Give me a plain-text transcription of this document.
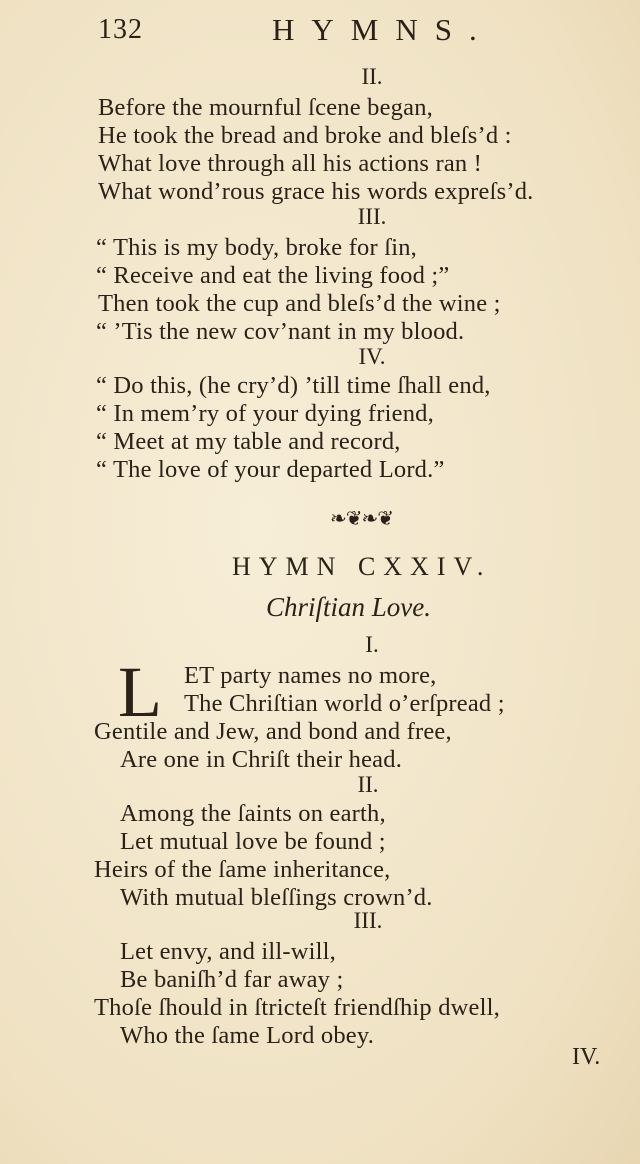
132	HYMNS.
II.
Before the mournful ſcene began,
He took the bread and broke and bleſs’d :
What love through all his actions ran !
What wond’rous grace his words expreſs’d.
III.
“ This is my body, broke for ſin,
“ Receive and eat the living food ;”
Then took the cup and bleſs’d the wine ;
“ ’Tis the new cov’nant in my blood.
IV.
“ Do this, (he cry’d) ’till time ſhall end,
“ In mem’ry of your dying friend,
“ Meet at my table and record,
“ The love of your departed Lord.”
❧❦❧❦
HYMN CXXIV.
Chriſtian Love.
I.
L ET party names no more,
The Chriſtian world o’erſpread ;
Gentile and Jew, and bond and free,
Are one in Chriſt their head.
II.
Among the ſaints on earth,
Let mutual love be found ;
Heirs of the ſame inheritance,
With mutual bleſſings crown’d.
III.
Let envy, and ill-will,
Be baniſh’d far away ;
Thoſe ſhould in ſtricteſt friendſhip dwell,
Who the ſame Lord obey.
IV.
